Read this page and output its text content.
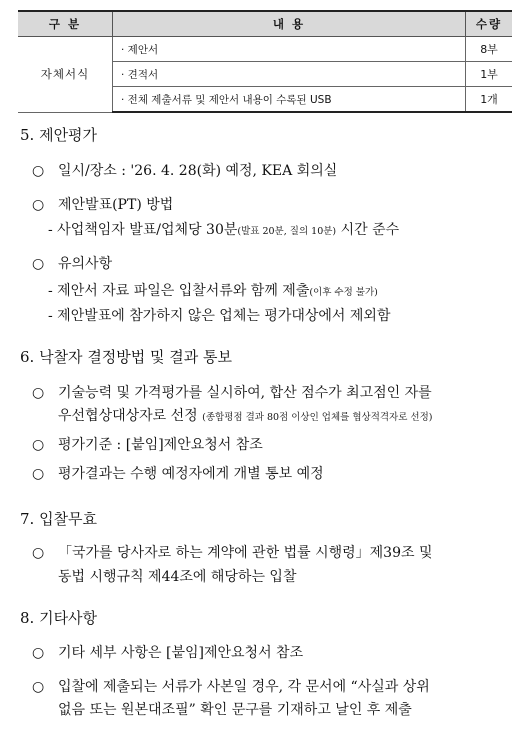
구 분	내 용	수량
자체서식	· 제안서	8부
	· 견적서	1부
	· 전체 제출서류 및 제안서 내용이 수록된 USB	1개
5. 제안평가
○ 일시/장소 : '26. 4. 28(화) 예정, KEA 회의실
○ 제안발표(PT) 방법
- 사업책임자 발표/업체당 30분(발표 20분, 질의 10분) 시간 준수
○ 유의사항
- 제안서 자료 파일은 입찰서류와 함께 제출(이후 수정 불가)
- 제안발표에 참가하지 않은 업체는 평가대상에서 제외함
6. 낙찰자 결정방법 및 결과 통보
○ 기술능력 및 가격평가를 실시하여, 합산 점수가 최고점인 자를
우선협상대상자로 선정 (종합평점 결과 80점 이상인 업체를 협상적격자로 선정)
○ 평가기준 : [붙임]제안요청서 참조
○ 평가결과는 수행 예정자에게 개별 통보 예정
7. 입찰무효
○ 「국가를 당사자로 하는 계약에 관한 법률 시행령」제39조 및
동법 시행규칙 제44조에 해당하는 입찰
8. 기타사항
○ 기타 세부 사항은 [붙임]제안요청서 참조
○ 입찰에 제출되는 서류가 사본일 경우, 각 문서에 “사실과 상위
없음 또는 원본대조필” 확인 문구를 기재하고 날인 후 제출
